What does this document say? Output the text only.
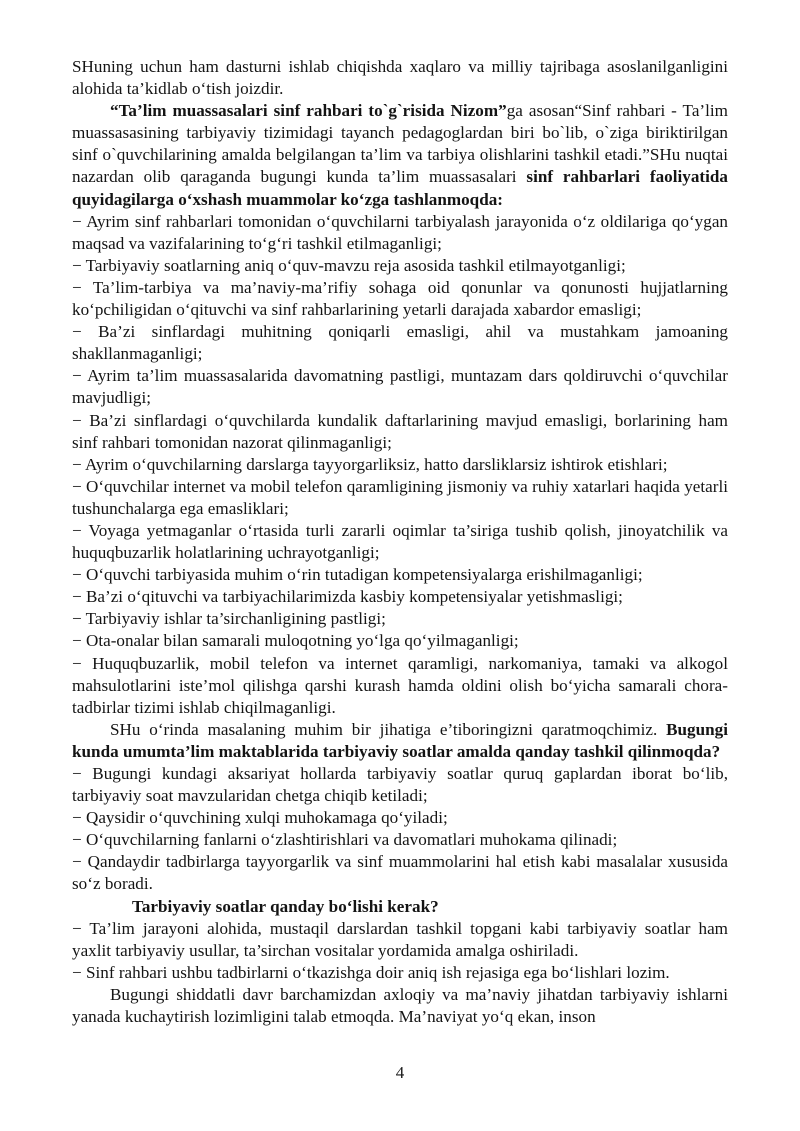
SHuning uchun ham dasturni ishlab chiqishda xaqlaro va milliy tajribaga asoslanilganligini alohida ta’kidlab o‘tish joizdir.

“Ta’lim muassasalari sinf rahbari to`g`risida Nizom”ga asosan“Sinf rahbari - Ta’lim muassasasining tarbiyaviy tizimidagi tayanch pedagoglardan biri bo`lib, o`ziga biriktirilgan sinf o`quvchilarining amalda belgilangan ta’lim va tarbiya olishlarini tashkil etadi.”SHu nuqtai nazardan olib qaraganda bugungi kunda ta’lim muassasalari sinf rahbarlari faoliyatida quyidagilarga o‘xshash muammolar ko‘zga tashlanmoqda:

− Ayrim sinf rahbarlari tomonidan o‘quvchilarni tarbiyalash jarayonida o‘z oldilariga qo‘ygan maqsad va vazifalarining to‘g‘ri tashkil etilmaganligi;

− Tarbiyaviy soatlarning aniq o‘quv-mavzu reja asosida tashkil etilmayotganligi;

− Ta’lim-tarbiya va ma’naviy-ma’rifiy sohaga oid qonunlar va qonunosti hujjatlarning ko‘pchiligidan o‘qituvchi va sinf rahbarlarining yetarli darajada xabardor emasligi;

− Ba’zi sinflardagi muhitning qoniqarli emasligi, ahil va mustahkam jamoaning shakllanmaganligi;

− Ayrim ta’lim muassasalarida davomatning pastligi, muntazam dars qoldiruvchi o‘quvchilar mavjudligi;

− Ba’zi sinflardagi o‘quvchilarda kundalik daftarlarining mavjud emasligi, borlarining ham sinf rahbari tomonidan nazorat qilinmaganligi;

− Ayrim o‘quvchilarning darslarga tayyorgarliksiz, hatto darsliklarsiz ishtirok etishlari;

− O‘quvchilar internet va mobil telefon qaramligining jismoniy va ruhiy xatarlari haqida yetarli tushunchalarga ega emasliklari;

− Voyaga yetmaganlar o‘rtasida turli zararli oqimlar ta’siriga tushib qolish, jinoyatchilik va huquqbuzarlik holatlarining uchrayotganligi;

− O‘quvchi tarbiyasida muhim o‘rin tutadigan kompetensiyalarga erishilmaganligi;

− Ba’zi o‘qituvchi va tarbiyachilarimizda kasbiy kompetensiyalar yetishmasligi;

− Tarbiyaviy ishlar ta’sirchanligining pastligi;

− Ota-onalar bilan samarali muloqotning yo‘lga qo‘yilmaganligi;

− Huquqbuzarlik, mobil telefon va internet qaramligi, narkomaniya, tamaki va alkogol mahsulotlarini iste’mol qilishga qarshi kurash hamda oldini olish bo‘yicha samarali chora-tadbirlar tizimi ishlab chiqilmaganligi.

SHu o‘rinda masalaning muhim bir jihatiga e’tiboringizni qaratmoqchimiz. Bugungi kunda umumta’lim maktablarida tarbiyaviy soatlar amalda qanday tashkil qilinmoqda?

− Bugungi kundagi aksariyat hollarda tarbiyaviy soatlar quruq gaplardan iborat bo‘lib, tarbiyaviy soat mavzularidan chetga chiqib ketiladi;

− Qaysidir o‘quvchining xulqi muhokamaga qo‘yiladi;

− O‘quvchilarning fanlarni o‘zlashtirishlari va davomatlari muhokama qilinadi;

− Qandaydir tadbirlarga tayyorgarlik va sinf muammolarini hal etish kabi masalalar xususida so‘z boradi.

Tarbiyaviy soatlar qanday bo‘lishi kerak?

− Ta’lim jarayoni alohida, mustaqil darslardan tashkil topgani kabi tarbiyaviy soatlar ham yaxlit tarbiyaviy usullar, ta’sirchan vositalar yordamida amalga oshiriladi.

− Sinf rahbari ushbu tadbirlarni o‘tkazishga doir aniq ish rejasiga ega bo‘lishlari lozim.

Bugungi shiddatli davr barchamizdan axloqiy va ma’naviy jihatdan tarbiyaviy ishlarni yanada kuchaytirish lozimligini talab etmoqda. Ma’naviyat yo‘q ekan, inson

4
